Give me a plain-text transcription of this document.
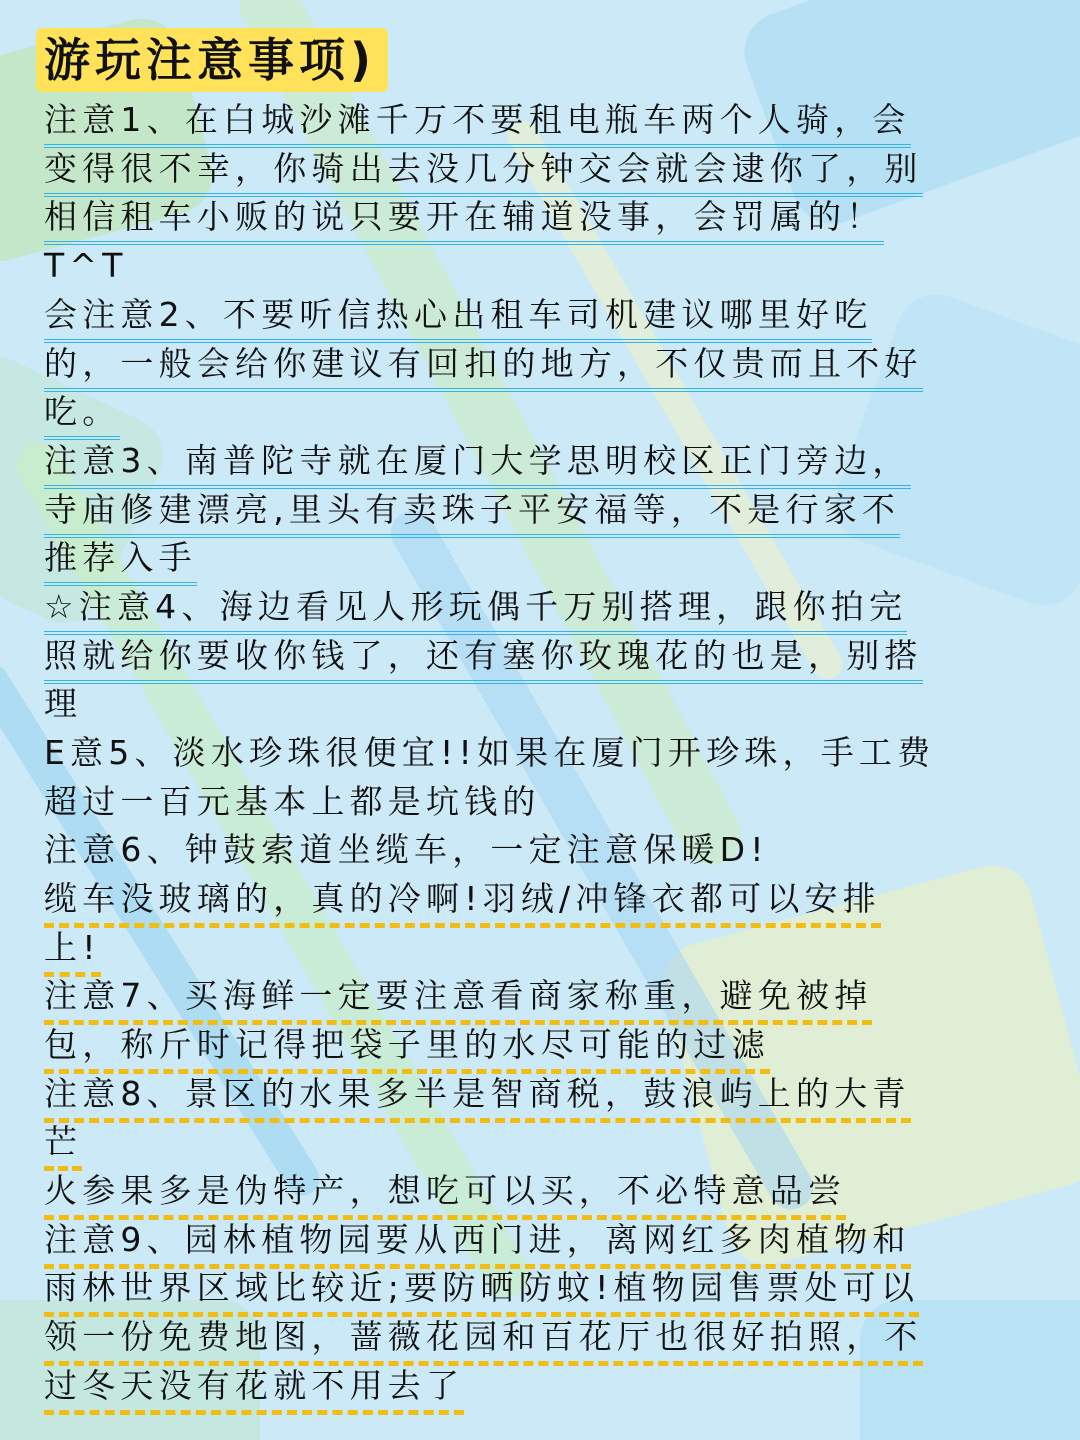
游玩注意事项)
注意1、在白城沙滩千万不要租电瓶车两个人骑，会
变得很不幸，你骑出去没几分钟交会就会逮你了，别
相信租车小贩的说只要开在辅道没事，会罚属的！
T^T
会注意2、不要听信热心出租车司机建议哪里好吃
的，一般会给你建议有回扣的地方，不仅贵而且不好
吃。
注意3、南普陀寺就在厦门大学思明校区正门旁边，
寺庙修建漂亮,里头有卖珠子平安福等，不是行家不
推荐入手
☆注意4、海边看见人形玩偶千万别搭理，跟你拍完
照就给你要收你钱了，还有塞你玫瑰花的也是，别搭
理
E意5、淡水珍珠很便宜!!如果在厦门开珍珠，手工费
超过一百元基本上都是坑钱的
注意6、钟鼓索道坐缆车，一定注意保暖D!
缆车没玻璃的，真的冷啊!羽绒/冲锋衣都可以安排
上!
注意7、买海鲜一定要注意看商家称重，避免被掉
包，称斤时记得把袋子里的水尽可能的过滤
注意8、景区的水果多半是智商税，鼓浪屿上的大青
芒
火参果多是伪特产，想吃可以买，不必特意品尝
注意9、园林植物园要从西门进，离网红多肉植物和
雨林世界区域比较近;要防晒防蚊!植物园售票处可以
领一份免费地图，蔷薇花园和百花厅也很好拍照，不
过冬天没有花就不用去了
